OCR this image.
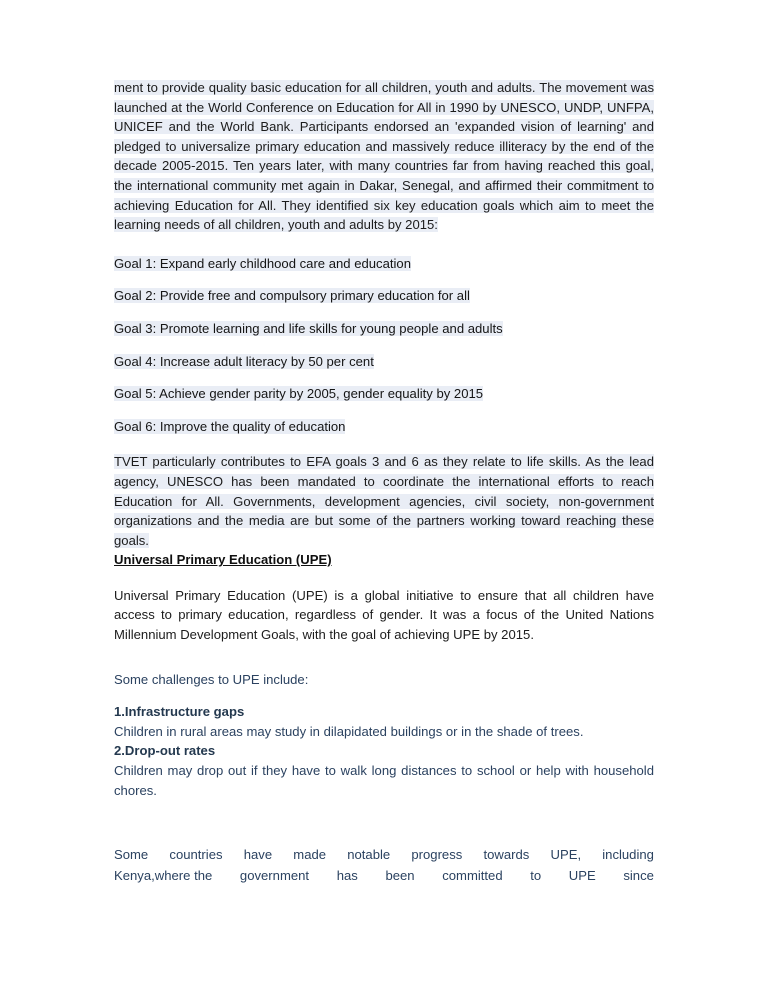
ment to provide quality basic education for all children, youth and adults. The movement was launched at the World Conference on Education for All in 1990 by UNESCO, UNDP, UNFPA, UNICEF and the World Bank. Participants endorsed an 'expanded vision of learning' and pledged to universalize primary education and massively reduce illiteracy by the end of the decade 2005-2015. Ten years later, with many countries far from having reached this goal, the international community met again in Dakar, Senegal, and affirmed their commitment to achieving Education for All. They identified six key education goals which aim to meet the learning needs of all children, youth and adults by 2015:

Goal 1: Expand early childhood care and education

Goal 2: Provide free and compulsory primary education for all

Goal 3: Promote learning and life skills for young people and adults

Goal 4: Increase adult literacy by 50 per cent

Goal 5: Achieve gender parity by 2005, gender equality by 2015

Goal 6: Improve the quality of education

TVET particularly contributes to EFA goals 3 and 6 as they relate to life skills. As the lead agency, UNESCO has been mandated to coordinate the international efforts to reach Education for All. Governments, development agencies, civil society, non-government organizations and the media are but some of the partners working toward reaching these goals.

Universal Primary Education (UPE)

Universal Primary Education (UPE) is a global initiative to ensure that all children have access to primary education, regardless of gender. It was a focus of the United Nations Millennium Development Goals, with the goal of achieving UPE by 2015.

Some challenges to UPE include:

1.Infrastructure gaps

Children in rural areas may study in dilapidated buildings or in the shade of trees.

2.Drop-out rates

Children may drop out if they have to walk long distances to school or help with household chores.

Some countries have made notable progress towards UPE, including

Kenya,where the government has been committed to UPE since
